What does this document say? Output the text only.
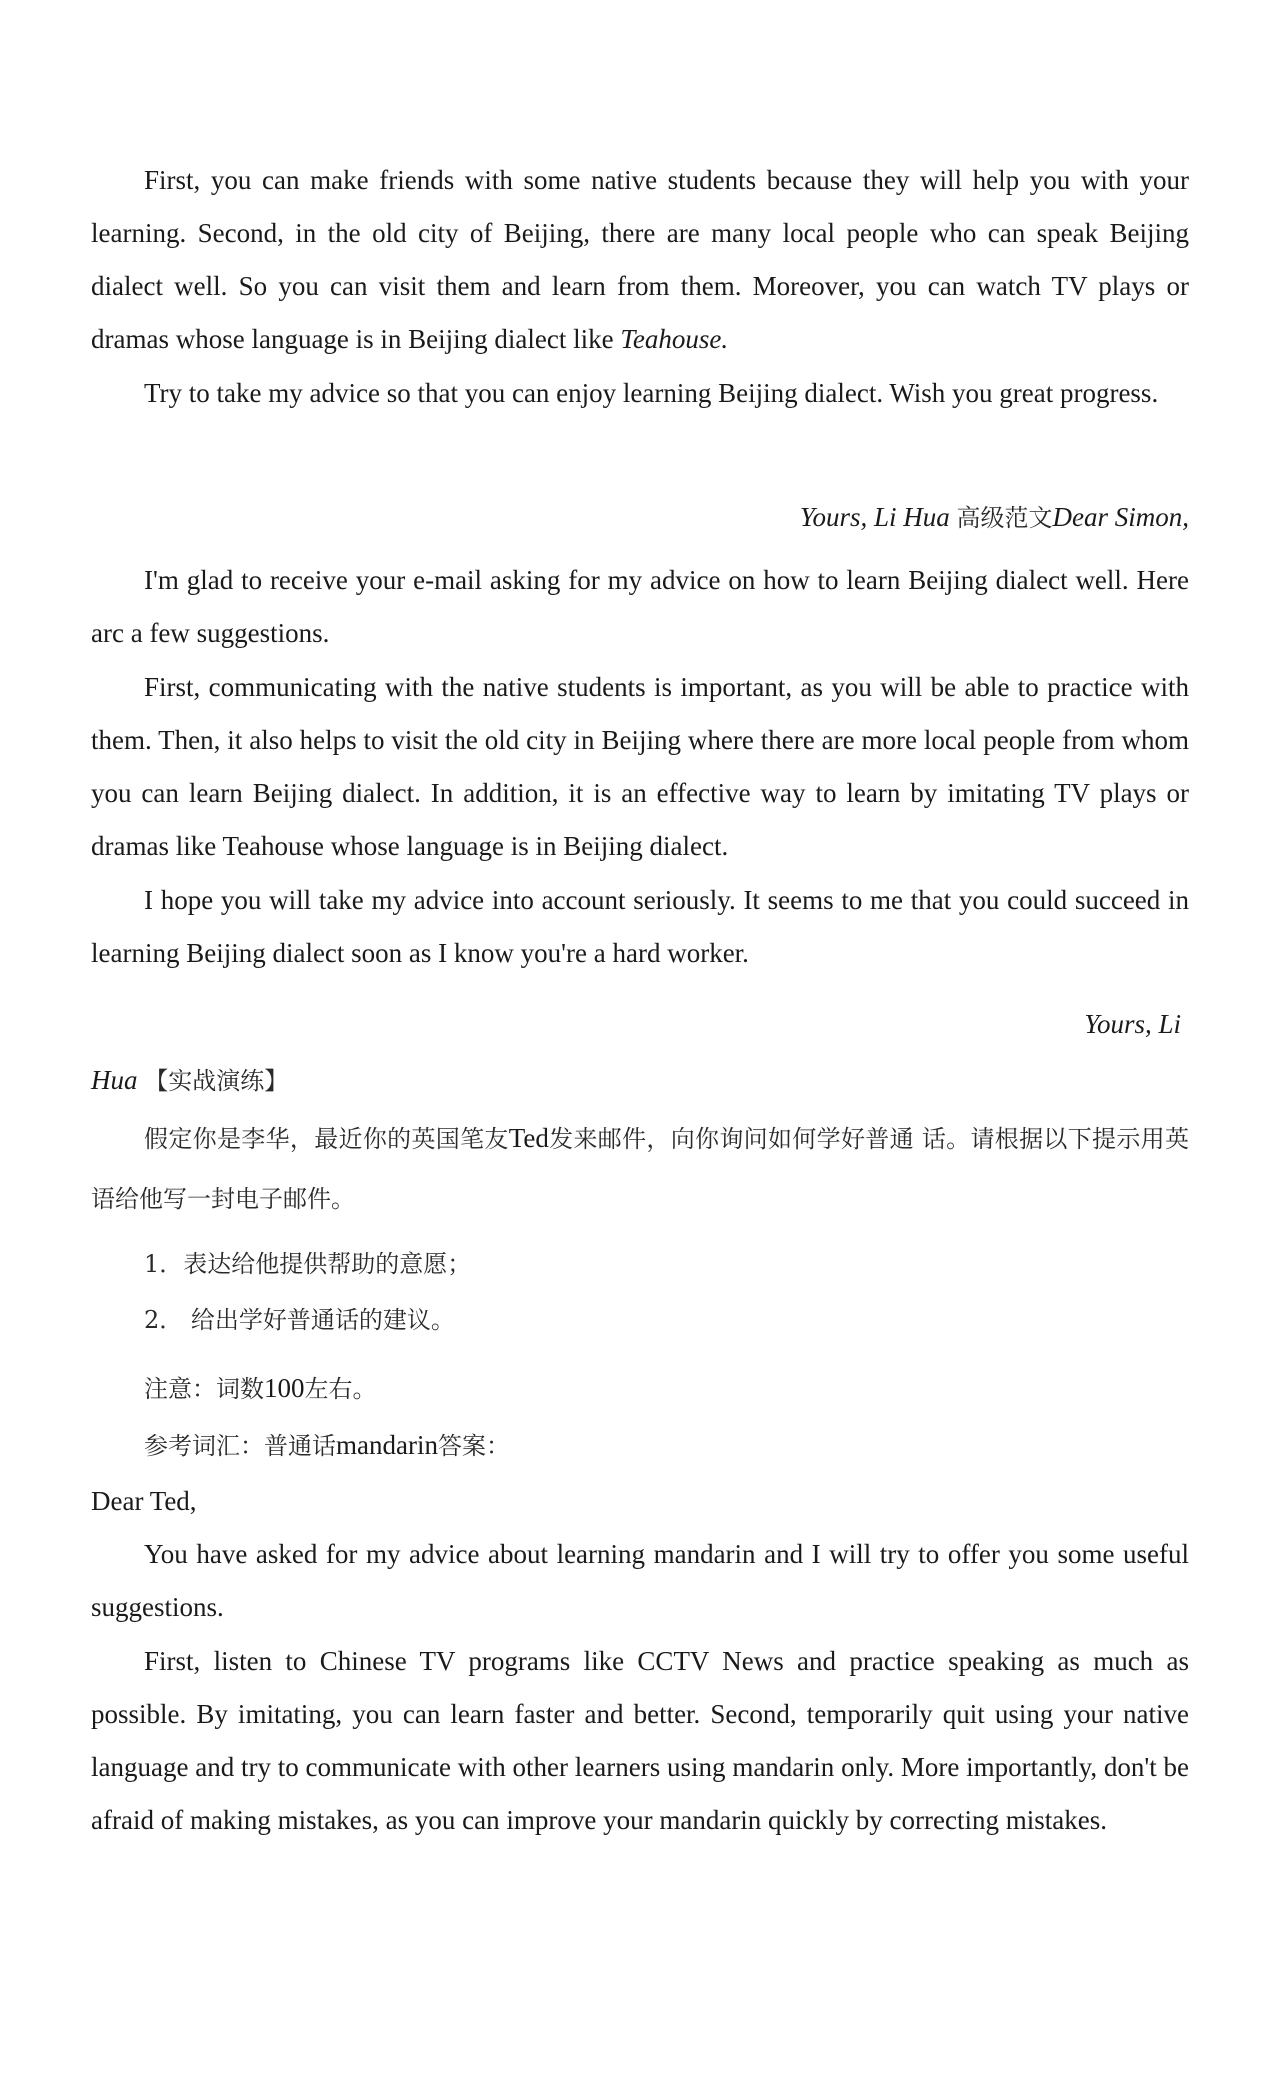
First, you can make friends with some native students because they will help you with your learning. Second, in the old city of Beijing, there are many local people who can speak Beijing dialect well. So you can visit them and learn from them. Moreover, you can watch TV plays or dramas whose language is in Beijing dialect like Teahouse.

Try to take my advice so that you can enjoy learning Beijing dialect. Wish you great progress.

Yours, Li Hua 高级范文Dear Simon,

I'm glad to receive your e-mail asking for my advice on how to learn Beijing dialect well. Here arc a few suggestions.

First, communicating with the native students is important, as you will be able to practice with them. Then, it also helps to visit the old city in Beijing where there are more local people from whom you can learn Beijing dialect. In addition, it is an effective way to learn by imitating TV plays or dramas like Teahouse whose language is in Beijing dialect.

I hope you will take my advice into account seriously. It seems to me that you could succeed in learning Beijing dialect soon as I know you're a hard worker.

Yours, Li

Hua 【实战演练】

假定你是李华，最近你的英国笔友Ted发来邮件，向你询问如何学好普通 话。请根据以下提示用英语给他写一封电子邮件。

1．表达给他提供帮助的意愿；

2． 给出学好普通话的建议。

注意：词数100左右。

参考词汇：普通话mandarin答案：

Dear Ted,

You have asked for my advice about learning mandarin and I will try to offer you some useful suggestions.

First, listen to Chinese TV programs like CCTV News and practice speaking as much as possible. By imitating, you can learn faster and better. Second, temporarily quit using your native language and try to communicate with other learners using mandarin only. More importantly, don't be afraid of making mistakes, as you can improve your mandarin quickly by correcting mistakes.
